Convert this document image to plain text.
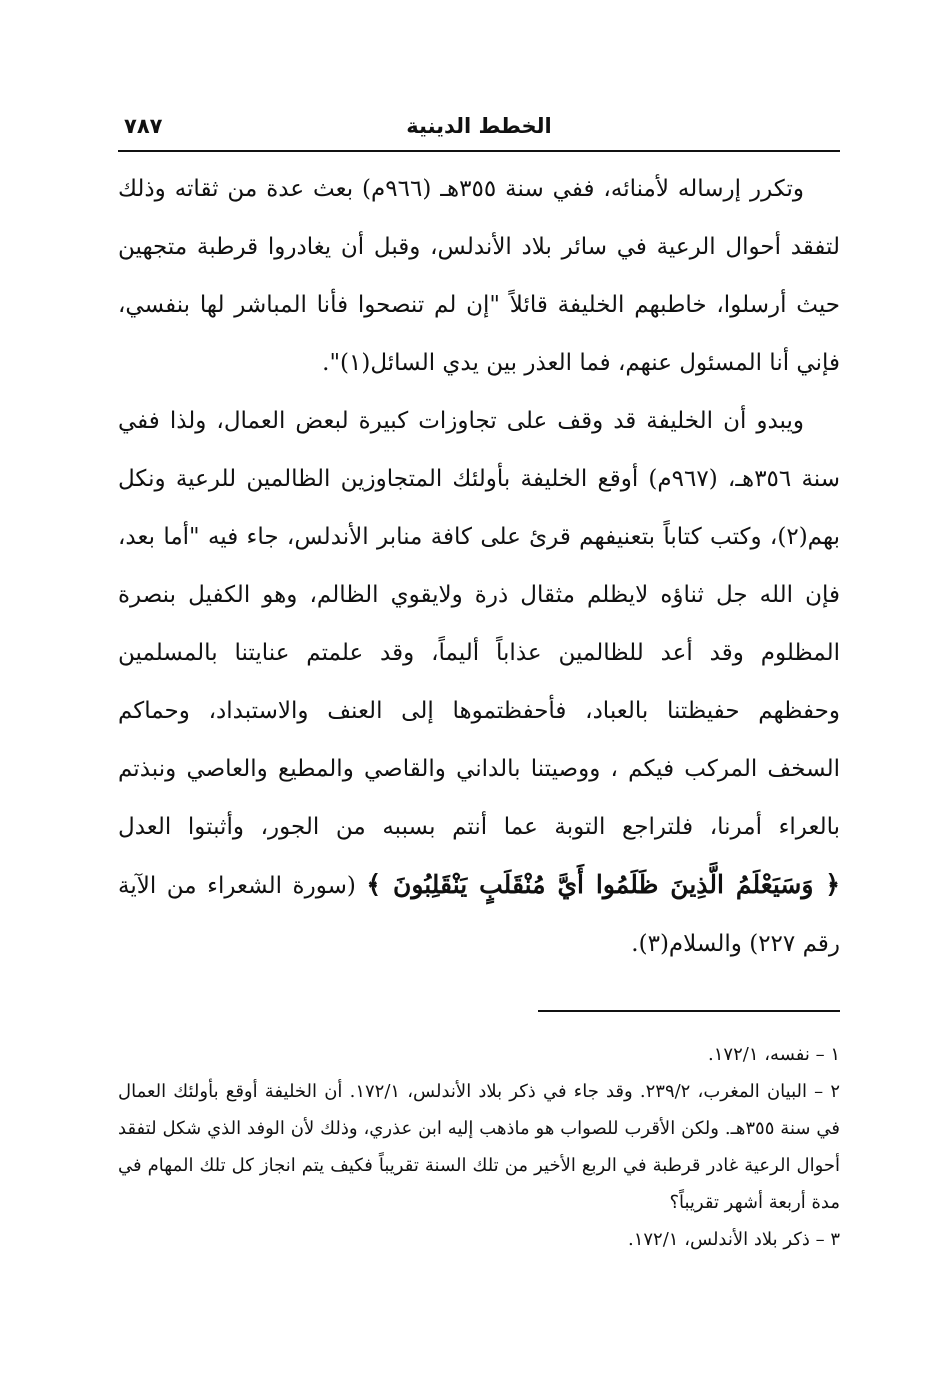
الخطط الدينية
٧٨٧

وتكرر إرساله لأمنائه، ففي سنة ٣٥٥هـ (٩٦٦م) بعث عدة من ثقاته وذلك لتفقد أحوال الرعية في سائر بلاد الأندلس، وقبل أن يغادروا قرطبة متجهين حيث أرسلوا، خاطبهم الخليفة قائلاً "إن لم تنصحوا فأنا المباشر لها بنفسي، فإني أنا المسئول عنهم، فما العذر بين يدي السائل(١)".

ويبدو أن الخليفة قد وقف على تجاوزات كبيرة لبعض العمال، ولذا ففي سنة ٣٥٦هـ، (٩٦٧م) أوقع الخليفة بأولئك المتجاوزين الظالمين للرعية ونكل بهم(٢)، وكتب كتاباً بتعنيفهم قرئ على كافة منابر الأندلس، جاء فيه "أما بعد، فإن الله جل ثناؤه لايظلم مثقال ذرة ولايقوي الظالم، وهو الكفيل بنصرة المظلوم وقد أعد للظالمين عذاباً أليماً، وقد علمتم عنايتنا بالمسلمين وحفظهم حفيظتنا بالعباد، فأحفظتموها إلى العنف والاستبداد، وحماكم السخف المركب فيكم ، ووصيتنا بالداني والقاصي والمطيع والعاصي ونبذتم بالعراء أمرنا، فلتراجع التوبة عما أنتم بسببه من الجور، وأثبتوا العدل ﴿ وَسَيَعْلَمُ الَّذِينَ ظَلَمُوا أَيَّ مُنْقَلَبٍ يَنْقَلِبُونَ ﴾ (سورة الشعراء من الآية رقم ٢٢٧) والسلام(٣).

١ – نفسه، ١٧٢/١.

٢ – البيان المغرب، ٢٣٩/٢. وقد جاء في ذكر بلاد الأندلس، ١٧٢/١. أن الخليفة أوقع بأولئك العمال في سنة ٣٥٥هـ. ولكن الأقرب للصواب هو ماذهب إليه ابن عذري، وذلك لأن الوفد الذي شكل لتفقد أحوال الرعية غادر قرطبة في الربع الأخير من تلك السنة تقريباً فكيف يتم انجاز كل تلك المهام في مدة أربعة أشهر تقريباً؟

٣ – ذكر بلاد الأندلس، ١٧٢/١.
